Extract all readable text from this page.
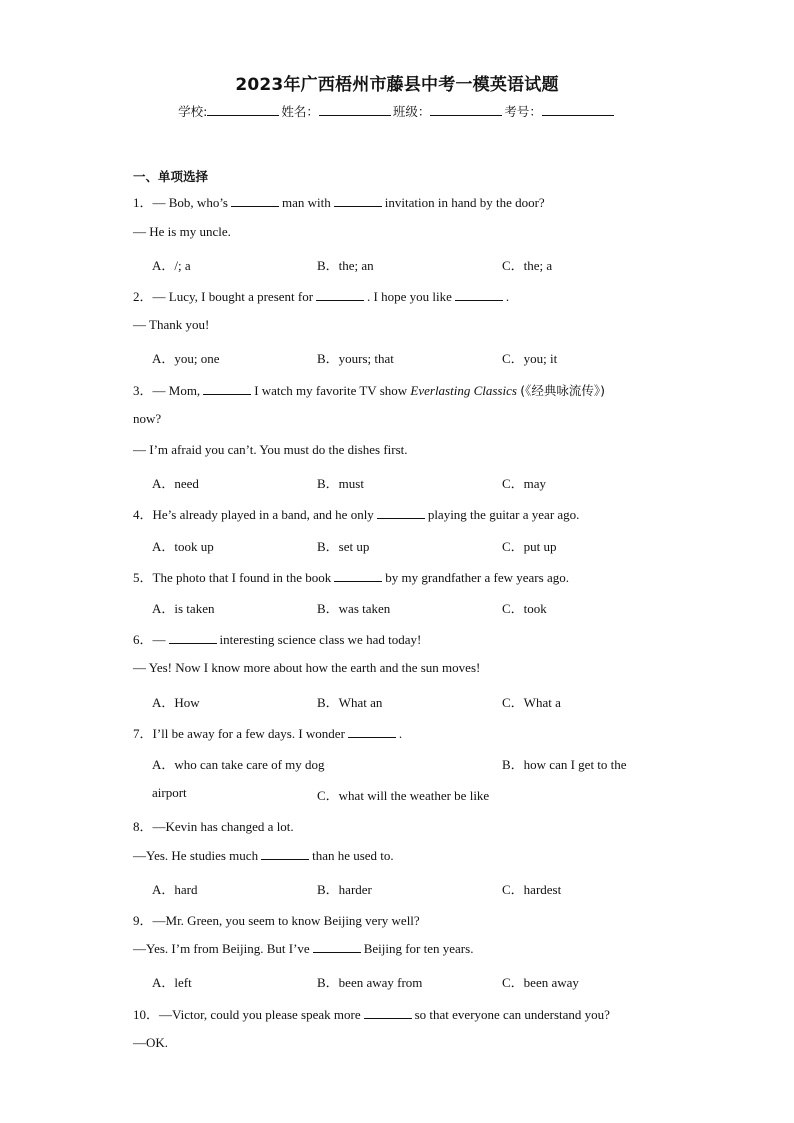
2023年广西梧州市藤县中考一模英语试题
学校:	姓名：	班级：	考号：
一、单项选择
1．— Bob, who’s	man with	invitation in hand by the door?
— He is my uncle.
A．/; a	B．the; an	C．the; a
2．— Lucy, I bought a present for	. I hope you like	.
— Thank you!
A．you; one	B．yours; that	C．you; it
3．— Mom,	I watch my favorite TV show Everlasting Classics (《经典咏流传》)
now?
— I’m afraid you can’t. You must do the dishes first.
A．need	B．must	C．may
4．He’s already played in a band, and he only	playing the guitar a year ago.
A．took up	B．set up	C．put up
5．The photo that I found in the book	by my grandfather a few years ago.
A．is taken	B．was taken	C．took
6．—	interesting science class we had today!
— Yes! Now I know more about how the earth and the sun moves!
A．How	B．What an	C．What a
7．I’ll be away for a few days. I wonder	.
A．who can take care of my dog	B．how can I get to the
airport	C．what will the weather be like
8．—Kevin has changed a lot.
—Yes. He studies much	than he used to.
A．hard	B．harder	C．hardest
9．—Mr. Green, you seem to know Beijing very well?
—Yes. I’m from Beijing. But I’ve	Beijing for ten years.
A．left	B．been away from	C．been away
10．—Victor, could you please speak more	so that everyone can understand you?
—OK.
